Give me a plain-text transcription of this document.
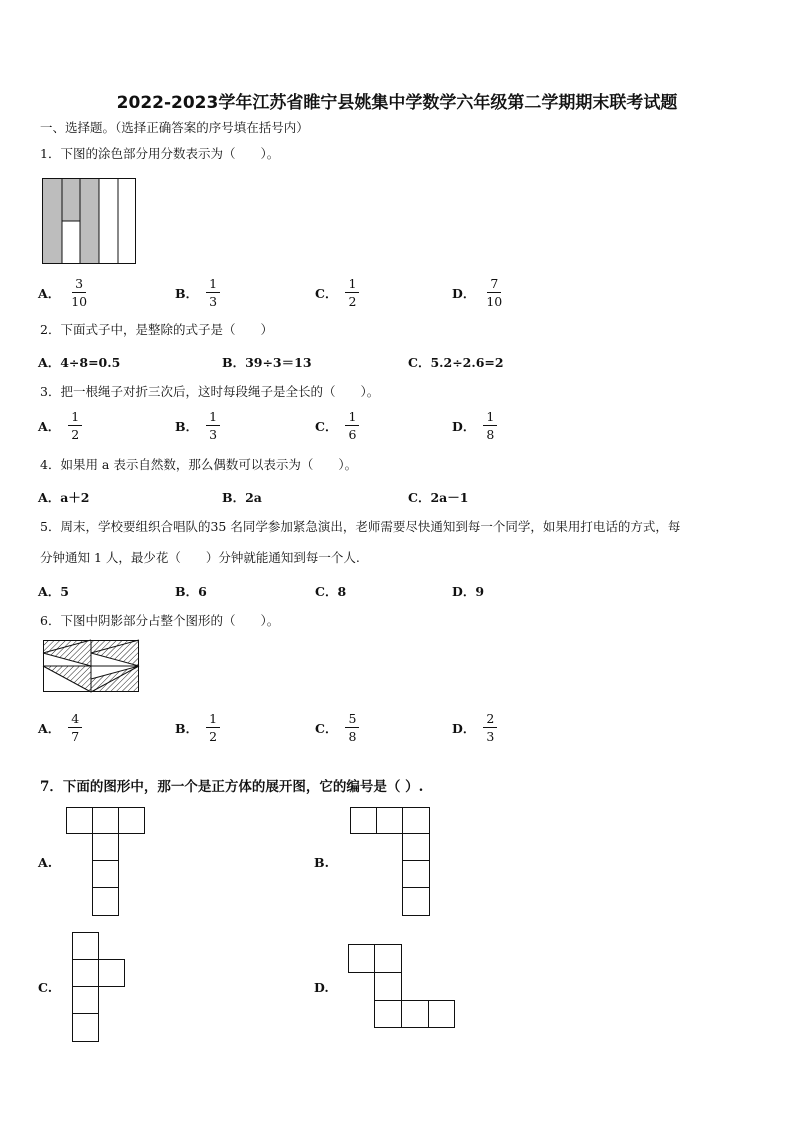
2022-2023学年江苏省睢宁县姚集中学数学六年级第二学期期末联考试题
一、选择题。（选择正确答案的序号填在括号内）
1．下图的涂色部分用分数表示为（　　）。
A． $\frac{3}{10}$	B． $\frac{1}{3}$	C． $\frac{1}{2}$	D． $\frac{7}{10}$
2．下面式子中，是整除的式子是（　　）
A．4÷8=0.5	B．39÷3＝13	C．5.2÷2.6=2
3．把一根绳子对折三次后，这时每段绳子是全长的（　　）。
A． $\frac{1}{2}$	B． $\frac{1}{3}$	C． $\frac{1}{6}$	D． $\frac{1}{8}$
4．如果用 a 表示自然数，那么偶数可以表示为（　　）。
A．a＋2	B．2a	C．2a－1
5．周末，学校要组织合唱队的35 名同学参加紧急演出，老师需要尽快通知到每一个同学，如果用打电话的方式，每
分钟通知 1 人，最少花（　　）分钟就能通知到每一个人.
A．5	B．6	C．8	D．9
6．下图中阴影部分占整个图形的（　　）。
A． $\frac{4}{7}$	B． $\frac{1}{2}$	C． $\frac{5}{8}$	D． $\frac{2}{3}$
7．下面的图形中，那一个是正方体的展开图，它的编号是（ ）.
A.	B.
C.	D.
